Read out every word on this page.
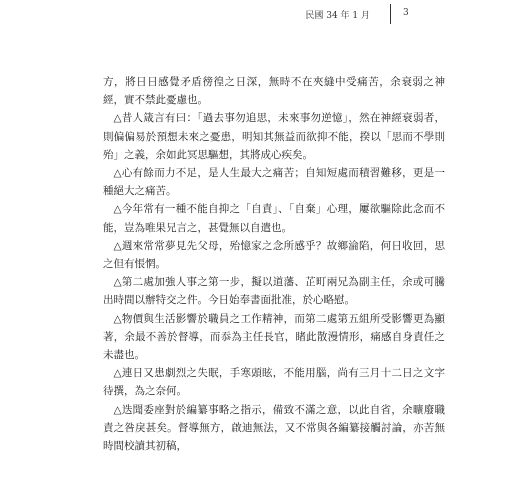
民國 34 年 1 月	3

方，將日日感覺矛盾徬徨之日深，無時不在夾縫中受痛苦，余衰弱之神經，實不禁此憂慮也。

△昔人箴言有曰：「過去事勿追思，未來事勿逆憶」，然在神經衰弱者，則偏偏易於預想未來之憂患，明知其無益而欲抑不能，揆以「思而不學則殆」之義，余如此冥思驅想，其將成心疾矣。

△心有餘而力不足，是人生最大之痛苦；自知短處而積習難移，更是一種絕大之痛苦。

△今年常有一種不能自抑之「自責」、「自棄」心理，屢欲驅除此念而不能，豈為唯果兄言之，甚覺無以自遣也。

△週來常常夢見先父母，殆憶家之念所感乎？故鄉淪陷，何日收回，思之但有悵惘。

△第二處加強人事之第一步，擬以道藩、芷町兩兄為副主任，余或可騰出時間以辦特交之件。今日始奉書面批准，於心略慰。

△物價與生活影響於職員之工作精神，而第二處第五組所受影響更為顯著，余最不善於督導，而忝為主任長官，睹此散漫情形，痛感自身責任之未盡也。

△連日又患劇烈之失眠，手寒頭眩，不能用腦，尚有三月十二日之文字待撰，為之奈何。

△迭聞委座對於編纂事略之指示，備致不滿之意，以此自省，余曠廢職責之咎戾甚矣。督導無方，啟迪無法，又不常與各編纂接觸討論，亦苦無時間校讀其初稿，
